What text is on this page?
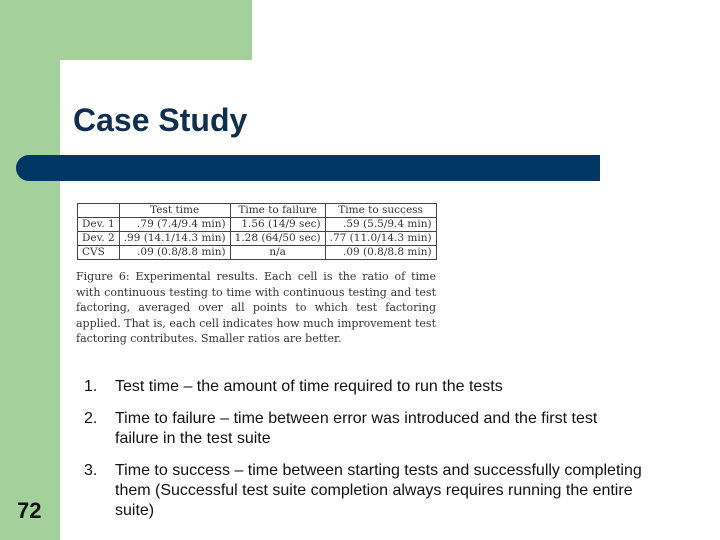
Case Study
	Test time	Time to failure	Time to success
Dev. 1	.79 (7.4/9.4 min)	1.56 (14/9 sec)	.59 (5.5/9.4 min)
Dev. 2	.99 (14.1/14.3 min)	1.28 (64/50 sec)	.77 (11.0/14.3 min)
CVS	.09 (0.8/8.8 min)	n/a	.09 (0.8/8.8 min)

Figure 6: Experimental results. Each cell is the ratio of time with continuous testing to time with continuous testing and test factoring, averaged over all points to which test factoring applied. That is, each cell indicates how much improvement test factoring contributes. Smaller ratios are better.

1. Test time – the amount of time required to run the tests
2. Time to failure – time between error was introduced and the first test failure in the test suite
3. Time to success – time between starting tests and successfully completing them (Successful test suite completion always requires running the entire suite)
72
